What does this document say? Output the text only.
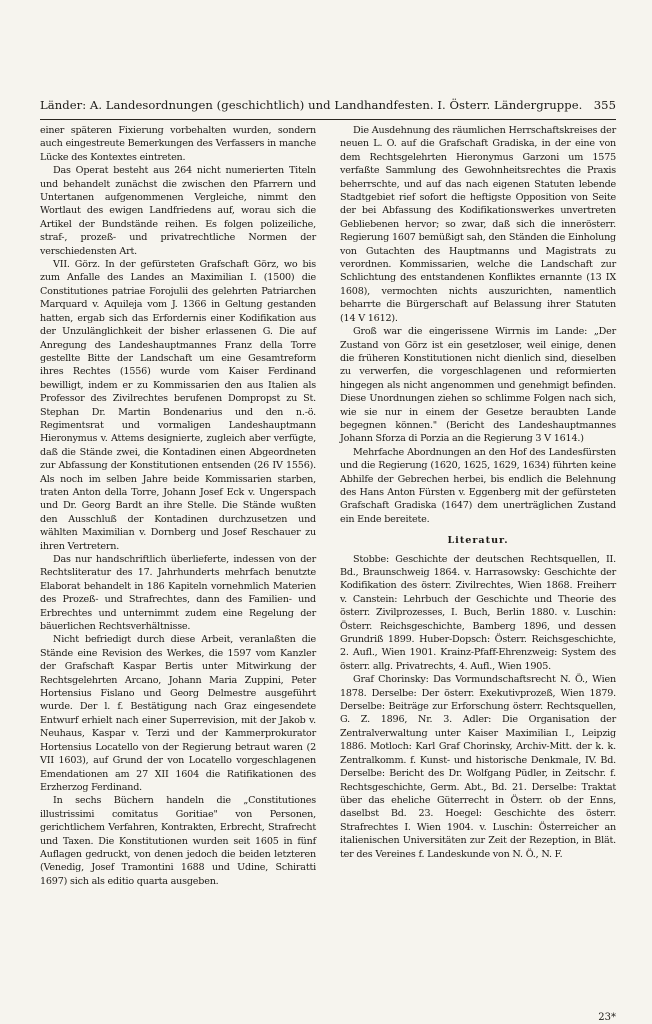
Länder: A. Landesordnungen (geschichtlich) und Landhandfesten. I. Österr. Ländergruppe. 355

einer späteren Fixierung vorbehalten wurden, sondern auch eingestreute Bemerkungen des Verfassers in manche Lücke des Kontextes eintreten.

Das Operat besteht aus 264 nicht numerierten Titeln und behandelt zunächst die zwischen den Pfarrern und Untertanen aufgenommenen Vergleiche, nimmt den Wortlaut des ewigen Landfriedens auf, worau sich die Artikel der Bundstände reihen. Es folgen polizeiliche, straf-, prozeß- und privatrechtliche Normen der verschiedensten Art.

VII. Görz. In der gefürsteten Grafschaft Görz, wo bis zum Anfalle des Landes an Maximilian I. (1500) die Constitutiones patriae Forojulii des gelehrten Patriarchen Marquard v. Aquileja vom J. 1366 in Geltung gestanden hatten, ergab sich das Erfordernis einer Kodifikation aus der Unzulänglichkeit der bisher erlassenen G. Die auf Anregung des Landeshauptmannes Franz della Torre gestellte Bitte der Landschaft um eine Gesamtreform ihres Rechtes (1556) wurde vom Kaiser Ferdinand bewilligt, indem er zu Kommissarien den aus Italien als Professor des Zivilrechtes berufenen Dompropst zu St. Stephan Dr. Martin Bondenarius und den n.-ö. Regimentsrat und vormaligen Landeshauptmann Hieronymus v. Attems designierte, zugleich aber verfügte, daß die Stände zwei, die Kontadinen einen Abgeordneten zur Abfassung der Konstitutionen entsenden (26 IV 1556). Als noch im selben Jahre beide Kommissarien starben, traten Anton della Torre, Johann Josef Eck v. Ungerspach und Dr. Georg Bardt an ihre Stelle. Die Stände wußten den Ausschluß der Kontadinen durchzusetzen und wählten Maximilian v. Dornberg und Josef Reschauer zu ihren Vertretern.

Das nur handschriftlich überlieferte, indessen von der Rechtsliteratur des 17. Jahrhunderts mehrfach benutzte Elaborat behandelt in 186 Kapiteln vornehmlich Materien des Prozeß- und Strafrechtes, dann des Familien- und Erbrechtes und unternimmt zudem eine Regelung der bäuerlichen Rechtsverhältnisse.

Nicht befriedigt durch diese Arbeit, veranlaßten die Stände eine Revision des Werkes, die 1597 vom Kanzler der Grafschaft Kaspar Bertis unter Mitwirkung der Rechtsgelehrten Arcano, Johann Maria Zuppini, Peter Hortensius Fislano und Georg Delmestre ausgeführt wurde. Der l. f. Bestätigung nach Graz eingesendete Entwurf erhielt nach einer Superrevision, mit der Jakob v. Neuhaus, Kaspar v. Terzi und der Kammerprokurator Hortensius Locatello von der Regierung betraut waren (2 VII 1603), auf Grund der von Locatello vorgeschlagenen Emendationen am 27 XII 1604 die Ratifikationen des Erzherzog Ferdinand.

In sechs Büchern handeln die „Constitutiones illustrissimi comitatus Goritiae" von Personen, gerichtlichem Verfahren, Kontrakten, Erbrecht, Strafrecht und Taxen. Die Konstitutionen wurden seit 1605 in fünf Auflagen gedruckt, von denen jedoch die beiden letzteren (Venedig, Josef Tramontini 1688 und Udine, Schiratti 1697) sich als editio quarta ausgeben.

Die Ausdehnung des räumlichen Herrschaftskreises der neuen L. O. auf die Grafschaft Gradiska, in der eine von dem Rechtsgelehrten Hieronymus Garzoni um 1575 verfaßte Sammlung des Gewohnheitsrechtes die Praxis beherrschte, und auf das nach eigenen Statuten lebende Stadtgebiet rief sofort die heftigste Opposition von Seite der bei Abfassung des Kodifikationswerkes unvertreten Gebliebenen hervor; so zwar, daß sich die innerösterr. Regierung 1607 bemüßigt sah, den Ständen die Einholung von Gutachten des Hauptmanns und Magistrats zu verordnen. Kommissarien, welche die Landschaft zur Schlichtung des entstandenen Konfliktes ernannte (13 IX 1608), vermochten nichts auszurichten, namentlich beharrte die Bürgerschaft auf Belassung ihrer Statuten (14 V 1612).

Groß war die eingerissene Wirrnis im Lande: „Der Zustand von Görz ist ein gesetzloser, weil einige, denen die früheren Konstitutionen nicht dienlich sind, dieselben zu verwerfen, die vorgeschlagenen und reformierten hingegen als nicht angenommen und genehmigt befinden. Diese Unordnungen ziehen so schlimme Folgen nach sich, wie sie nur in einem der Gesetze beraubten Lande begegnen können." (Bericht des Landeshauptmannes Johann Sforza di Porzia an die Regierung 3 V 1614.)

Mehrfache Abordnungen an den Hof des Landesfürsten und die Regierung (1620, 1625, 1629, 1634) führten keine Abhilfe der Gebrechen herbei, bis endlich die Belehnung des Hans Anton Fürsten v. Eggenberg mit der gefürsteten Grafschaft Gradiska (1647) dem unerträglichen Zustand ein Ende bereitete.

Literatur.

Stobbe: Geschichte der deutschen Rechtsquellen, II. Bd., Braunschweig 1864. v. Harrasowsky: Geschichte der Kodifikation des österr. Zivilrechtes, Wien 1868. Freiherr v. Canstein: Lehrbuch der Geschichte und Theorie des österr. Zivilprozesses, I. Buch, Berlin 1880. v. Luschin: Österr. Reichsgeschichte, Bamberg 1896, und dessen Grundriß 1899. Huber-Dopsch: Österr. Reichsgeschichte, 2. Aufl., Wien 1901. Krainz-Pfaff-Ehrenzweig: System des österr. allg. Privatrechts, 4. Aufl., Wien 1905.

Graf Chorinsky: Das Vormundschaftsrecht N. Ö., Wien 1878. Derselbe: Der österr. Exekutivprozeß, Wien 1879. Derselbe: Beiträge zur Erforschung österr. Rechtsquellen, G. Z. 1896, Nr. 3. Adler: Die Organisation der Zentralverwaltung unter Kaiser Maximilian I., Leipzig 1886. Motloch: Karl Graf Chorinsky, Archiv-Mitt. der k. k. Zentralkomm. f. Kunst- und historische Denkmale, IV. Bd. Derselbe: Bericht des Dr. Wolfgang Püdler, in Zeitschr. f. Rechtsgeschichte, Germ. Abt., Bd. 21. Derselbe: Traktat über das eheliche Güterrecht in Österr. ob der Enns, daselbst Bd. 23. Hoegel: Geschichte des österr. Strafrechtes I. Wien 1904. v. Luschin: Österreicher an italienischen Universitäten zur Zeit der Rezeption, in Blät. ter des Vereines f. Landeskunde von N. Ö., N. F.

23*
